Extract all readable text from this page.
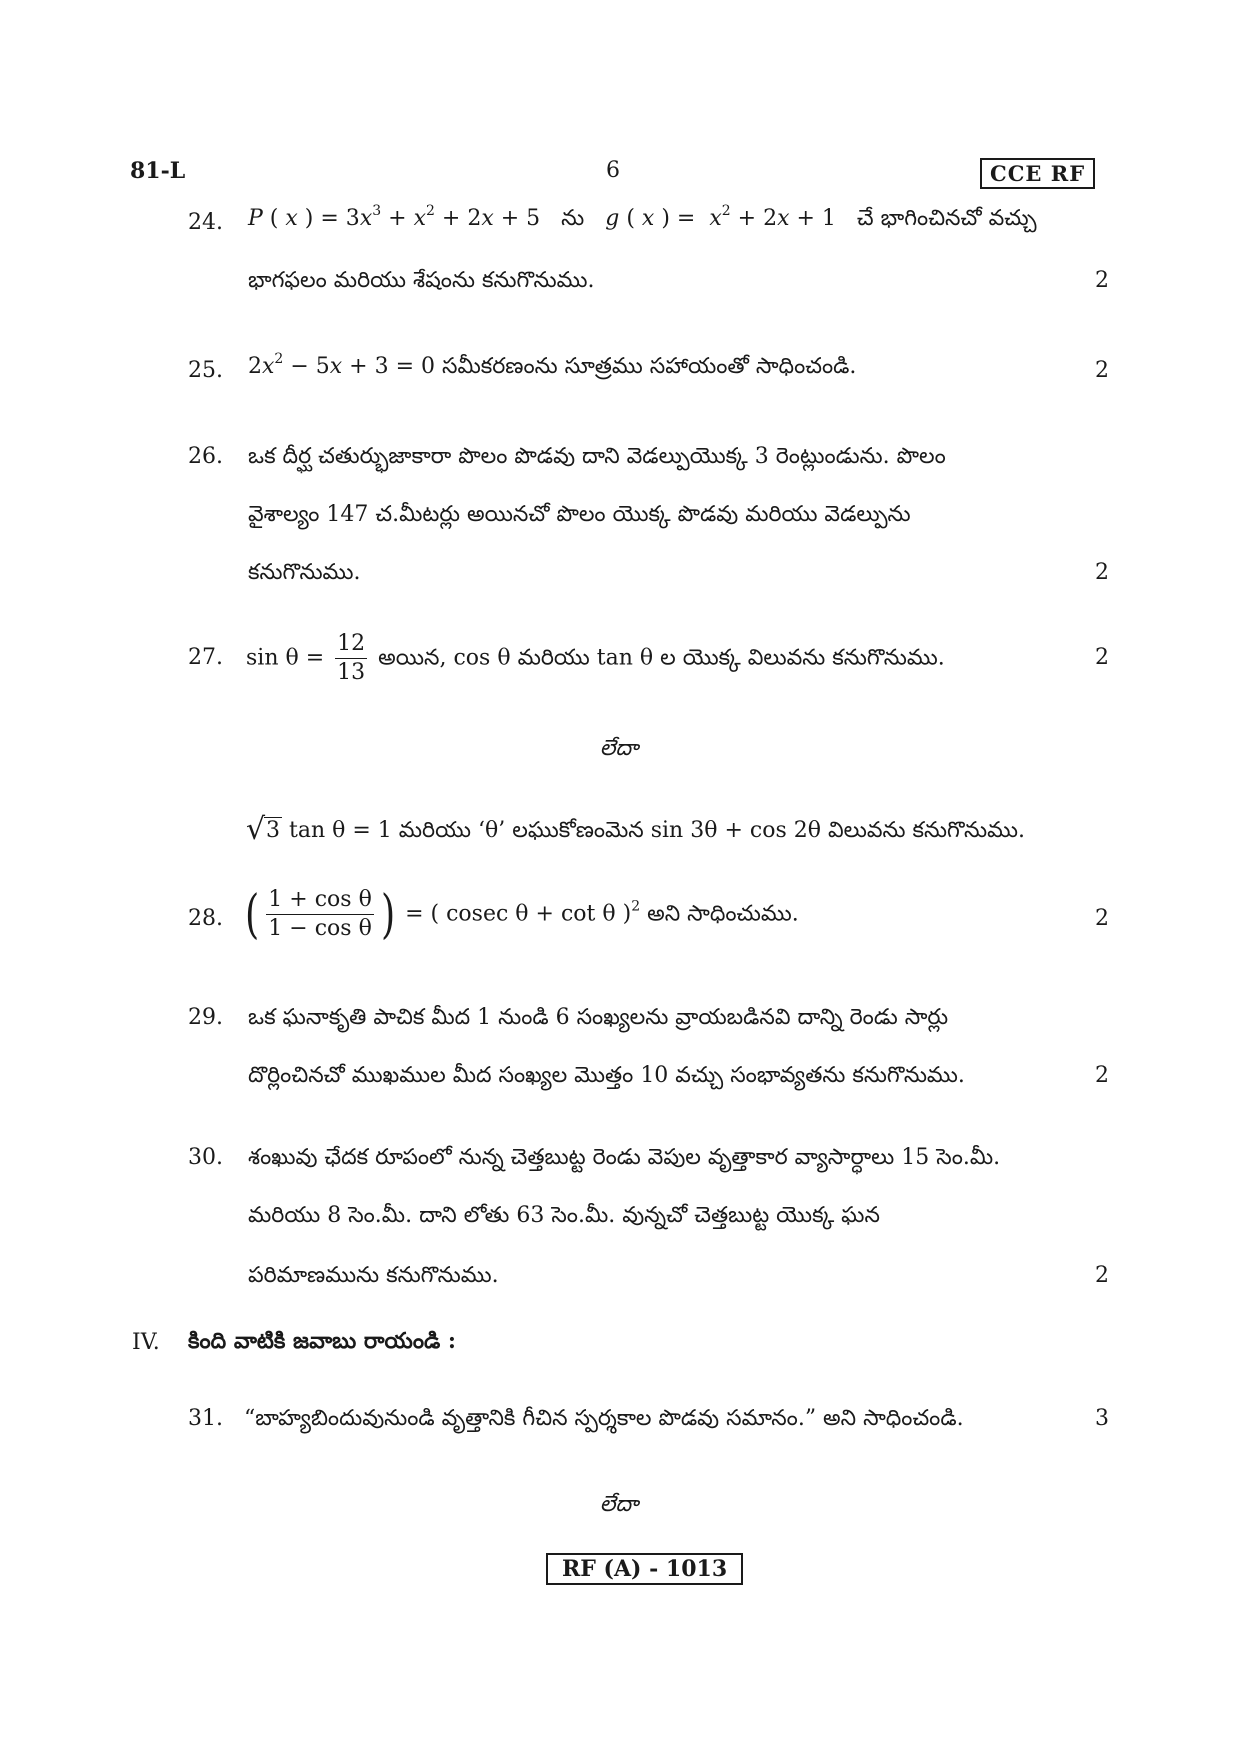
81-L	6	CCE RF
24. P ( x ) = $3x^3 + x^2 + 2x + 5$   ను g ( x ) =  $x^2 + 2x + 1$   చే భాగించినచో వచ్చు
భాగఫలం మరియు శేషంను కనుగొనుము.	2
25. $2x^2 - 5x + 3 = 0$ సమీకరణంను సూత్రము సహాయంతో సాధించండి.	2
26. ఒక దీర్ఘ చతుర్భుజాకారా పొలం పొడవు దాని వెడల్పుయొక్క 3 రెంట్లుండును. పొలం
వైశాల్యం 147 చ.మీటర్లు అయినచో పొలం యొక్క పొడవు మరియు వెడల్పును
కనుగొనుము.	2
27. $\sin \theta = \frac{12}{13}$ అయిన, cos θ మరియు tan θ ల యొక్క విలువను కనుగొనుము.	2
లేదా
√ 3 tan θ = 1 మరియు ‘θ’ లఘుకోణంమెన sin 3θ + cos 2θ విలువను కనుగొనుము.
28. ( $\frac{\text{1 + cos θ}}{\text{1 − cos θ}}$ ) = ( cosec θ + cot θ )$^2$ అని సాధించుము.	2
29. ఒక ఘనాకృతి పాచిక మీద 1 నుండి 6 సంఖ్యలను వ్రాయబడినవి దాన్ని రెండు సార్లు
దొర్లించినచో ముఖముల మీద సంఖ్యల మొత్తం 10 వచ్చు సంభావ్యతను కనుగొనుము.	2
30. శంఖువు ఛేదక రూపంలో నున్న చెత్తబుట్ట రెండు వెపుల వృత్తాకార వ్యాసార్ధాలు 15 సెం.మీ.
మరియు 8 సెం.మీ. దాని లోతు 63 సెం.మీ. వున్నచో చెత్తబుట్ట యొక్క ఘన
పరిమాణమును కనుగొనుము.	2
IV. కింది వాటికి జవాబు రాయండి :
31. “బాహ్యబిందువునుండి వృత్తానికి గీచిన స్పర్శకాల పొడవు సమానం.” అని సాధించండి.	3
లేదా
RF (A) - 1013
